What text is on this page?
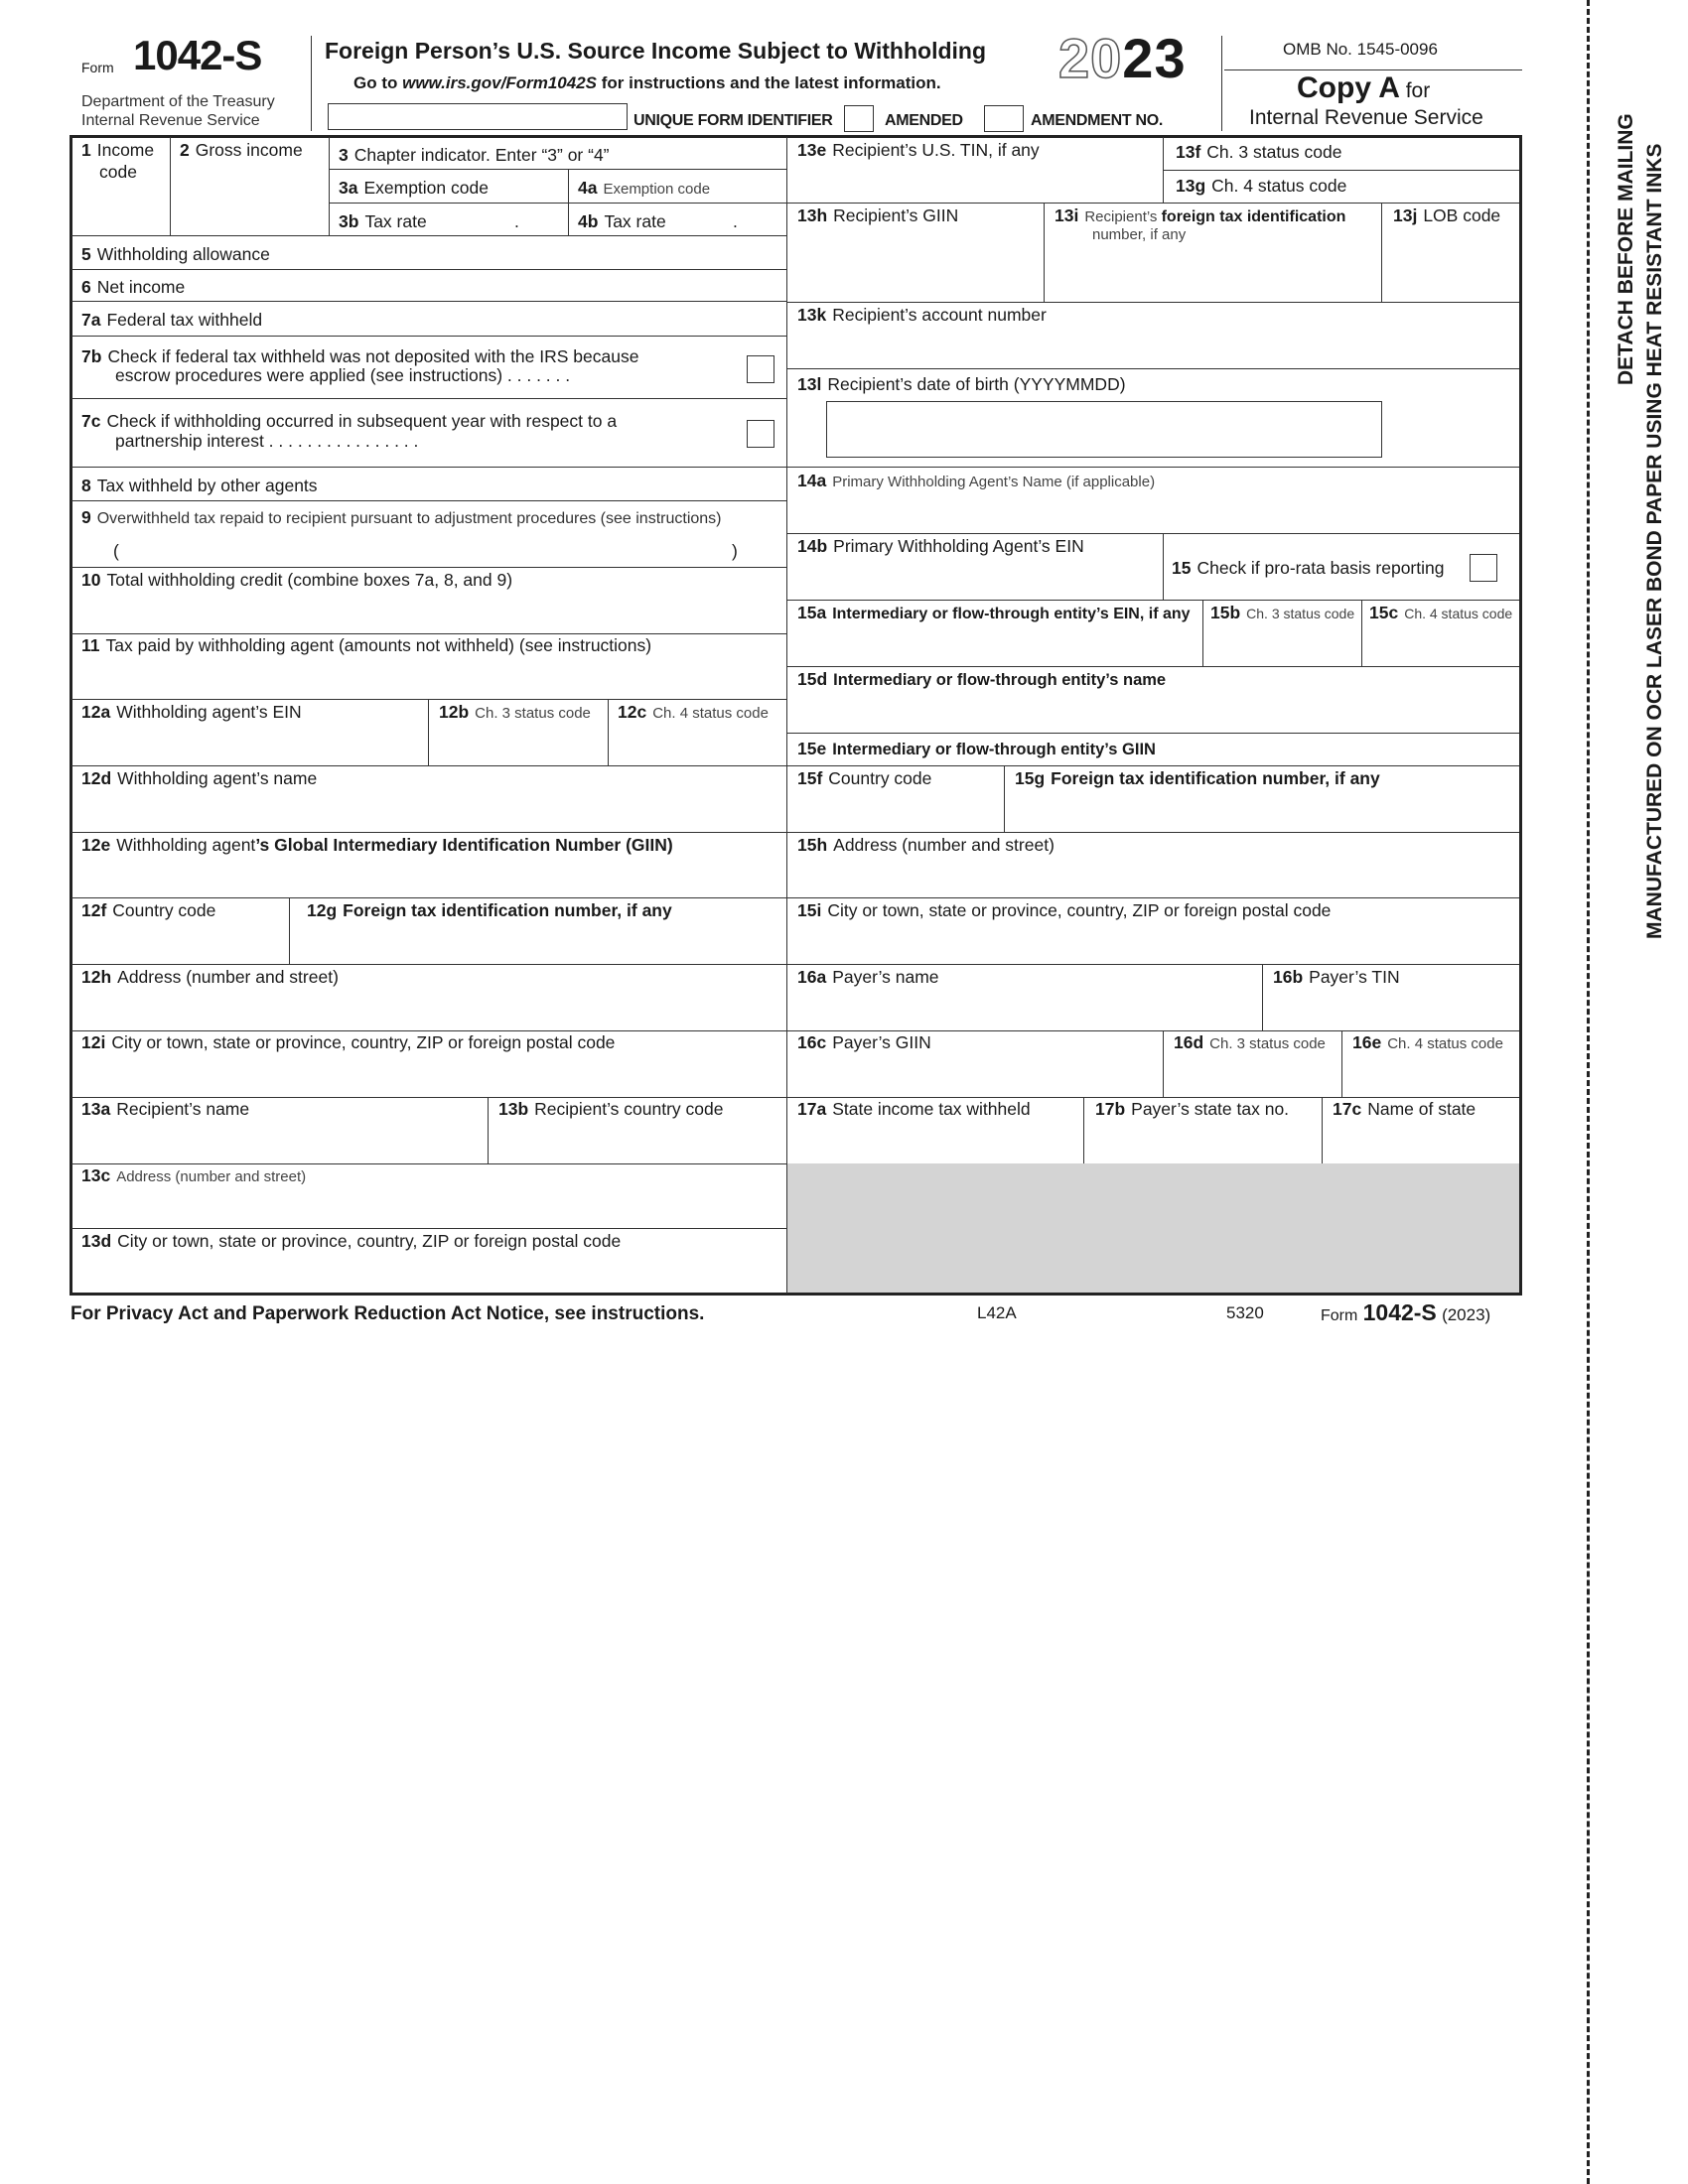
Form 1042-S
Department of the Treasury
Internal Revenue Service
Foreign Person’s U.S. Source Income Subject to Withholding
Go to www.irs.gov/Form1042S for instructions and the latest information. 2023
UNIQUE FORM IDENTIFIER	AMENDED	AMENDMENT NO.
OMB No. 1545-0096
Copy A for
Internal Revenue Service
1 Income
code
2 Gross income 3 Chapter indicator. Enter “3” or “4”
3a Exemption code	4a Exemption code
3b Tax rate	.	4b Tax rate	.
5 Withholding allowance
6 Net income
7a Federal tax withheld
7b Check if federal tax withheld was not deposited with the IRS because
escrow procedures were applied (see instructions) . . . . . . .
7c Check if withholding occurred in subsequent year with respect to a
partnership interest . . . . . . . . . . . . . . . .
8 Tax withheld by other agents
9 Overwithheld tax repaid to recipient pursuant to adjustment procedures (see instructions)
(	)
10 Total withholding credit (combine boxes 7a, 8, and 9)
11 Tax paid by withholding agent (amounts not withheld) (see instructions)
12a Withholding agent’s EIN	12b Ch. 3 status code 12c Ch. 4 status code
12d Withholding agent’s name
12e Withholding agent’s Global Intermediary Identification Number (GIIN)
12f Country code	12g Foreign tax identification number, if any
12h Address (number and street)
12i City or town, state or province, country, ZIP or foreign postal code
13a Recipient’s name	13b Recipient’s country code
13c Address (number and street)
13d City or town, state or province, country, ZIP or foreign postal code
13e Recipient’s U.S. TIN, if any	13f Ch. 3 status code
13g Ch. 4 status code
13h Recipient’s GIIN	13i Recipient’s foreign tax identification
number, if any
13j LOB code
13k Recipient’s account number
13l Recipient’s date of birth (YYYYMMDD)
14a Primary Withholding Agent’s Name (if applicable)
14b Primary Withholding Agent’s EIN
15 Check if pro-rata basis reporting
15a Intermediary or flow-through entity’s EIN, if any 15b Ch. 3 status code 15c Ch. 4 status code
15d Intermediary or flow-through entity’s name
15e Intermediary or flow-through entity’s GIIN
15f Country code	15g Foreign tax identification number, if any
15h Address (number and street)
15i City or town, state or province, country, ZIP or foreign postal code
16a Payer’s name	16b Payer’s TIN
16c Payer’s GIIN	16d Ch. 3 status code 16e Ch. 4 status code
17a State income tax withheld	17b Payer’s state tax no.	17c Name of state
For Privacy Act and Paperwork Reduction Act Notice, see instructions.	L42A	5320	Form 1042-S (2023)
DETACH BEFORE MAILING MANUFACTURED ON OCR LASER BOND PAPER USING HEAT RESISTANT INKS
